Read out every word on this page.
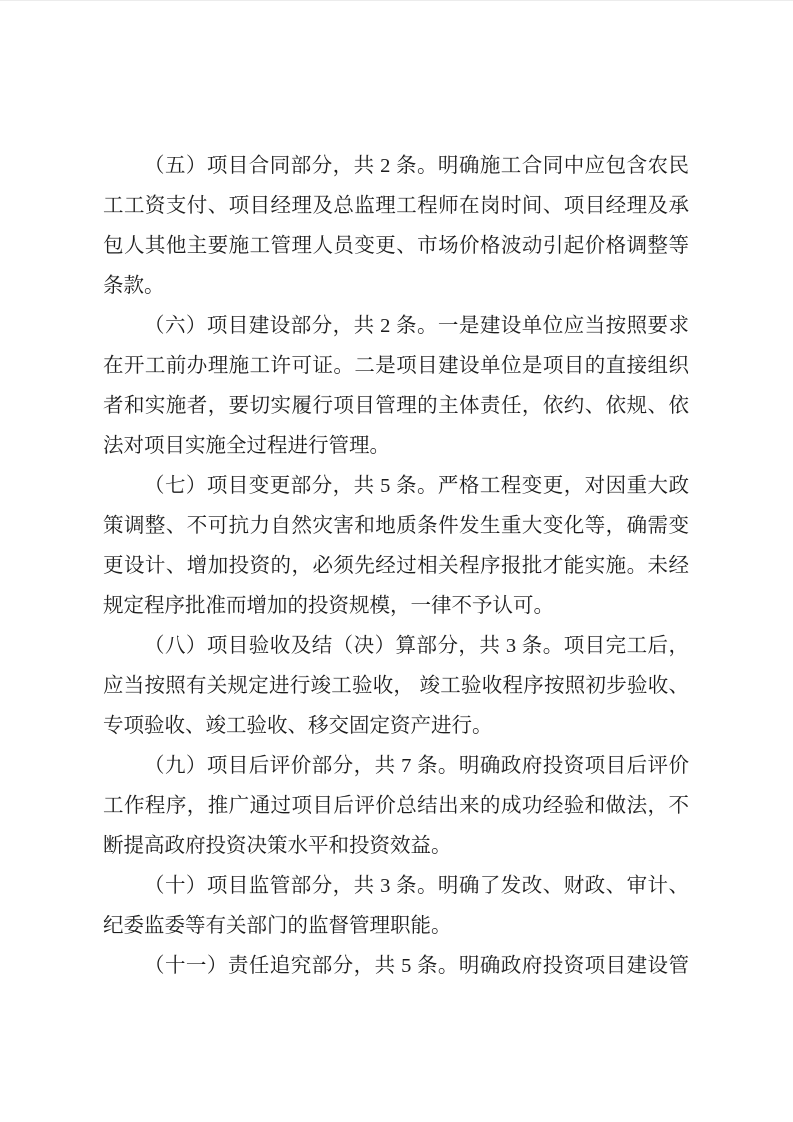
（五）项目合同部分，共 2 条。明确施工合同中应包含农民
工工资支付、项目经理及总监理工程师在岗时间、项目经理及承
包人其他主要施工管理人员变更、市场价格波动引起价格调整等
条款。
（六）项目建设部分，共 2 条。一是建设单位应当按照要求
在开工前办理施工许可证。二是项目建设单位是项目的直接组织
者和实施者，要切实履行项目管理的主体责任，依约、依规、依
法对项目实施全过程进行管理。
（七）项目变更部分，共 5 条。严格工程变更，对因重大政
策调整、不可抗力自然灾害和地质条件发生重大变化等，确需变
更设计、增加投资的，必须先经过相关程序报批才能实施。未经
规定程序批准而增加的投资规模，一律不予认可。
（八）项目验收及结（决）算部分，共 3 条。项目完工后，
应当按照有关规定进行竣工验收， 竣工验收程序按照初步验收、
专项验收、竣工验收、移交固定资产进行。
（九）项目后评价部分，共 7 条。明确政府投资项目后评价
工作程序，推广通过项目后评价总结出来的成功经验和做法，不
断提高政府投资决策水平和投资效益。
（十）项目监管部分，共 3 条。明确了发改、财政、审计、
纪委监委等有关部门的监督管理职能。
（十一）责任追究部分，共 5 条。明确政府投资项目建设管
